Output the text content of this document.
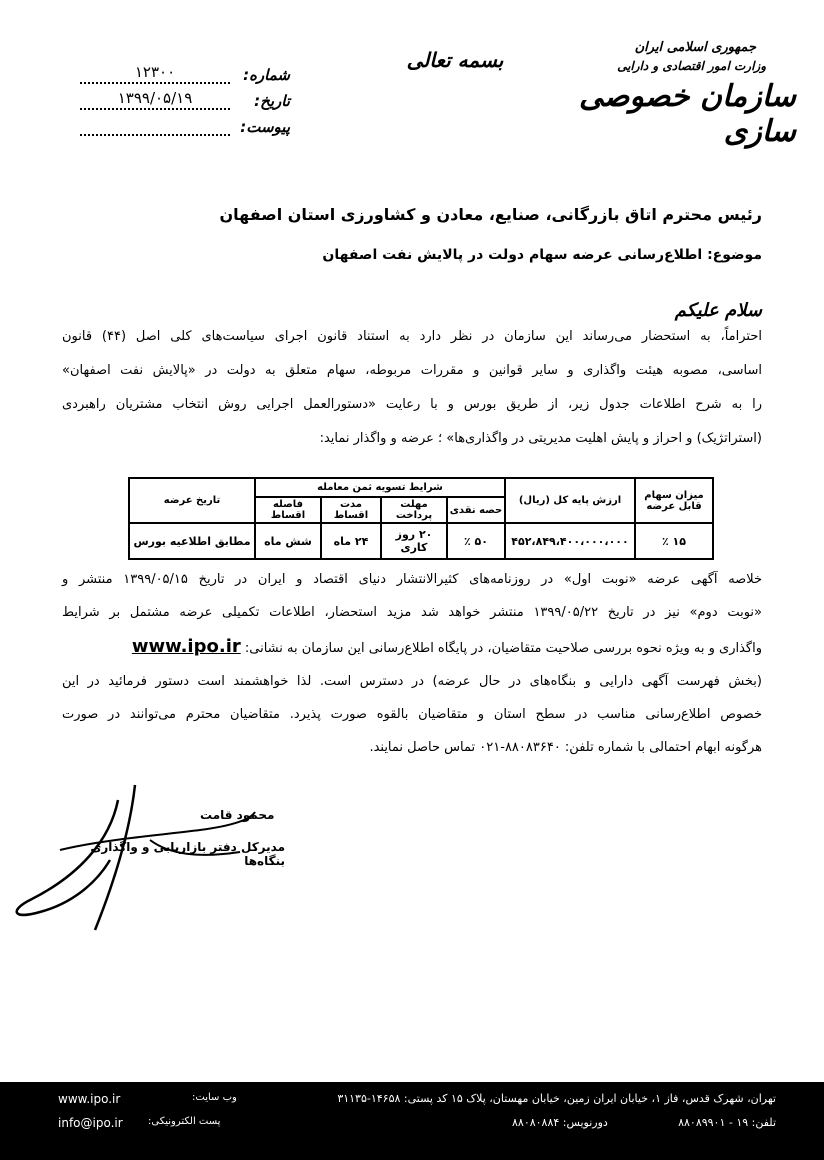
جمهوری اسلامی ایران
وزارت امور اقتصادی و دارایی
سازمان خصوصی سازی
بسمه تعالی
شماره:
۱۲۳۰۰
تاریخ:
۱۳۹۹/۰۵/۱۹
پیوست:
رئیس محترم اتاق بازرگانی، صنایع، معادن و کشاورزی استان اصفهان
موضوع: اطلاع‌رسانی عرضه سهام دولت در پالایش نفت اصفهان
سلام علیکم
احتراماً، به استحضار می‌رساند این سازمان در نظر دارد به استناد قانون اجرای سیاست‌های کلی اصل (۴۴) قانون
اساسی، مصوبه هیئت واگذاری و سایر قوانین و مقررات مربوطه، سهام متعلق به دولت در «پالایش نفت اصفهان»
را به شرح اطلاعات جدول زیر، از طریق بورس و با رعایت «دستورالعمل اجرایی روش انتخاب مشتریان راهبردی
(استراتژیک) و احراز و پایش اهلیت مدیریتی در واگذاری‌ها» ؛ عرضه و واگذار نماید:
میزان سهام قابل عرضه	ارزش پایه کل (ریال)	شرایط تسویه ثمن معامله				تاریخ عرضه
		حصه نقدی	مهلت پرداخت	مدت اقساط	فاصله اقساط	
۱۵ ٪	۴۵۲،۸۴۹،۴۰۰،۰۰۰،۰۰۰	۵۰ ٪	۲۰ روز کاری	۲۴ ماه	شش ماه	مطابق اطلاعیه بورس
خلاصه آگهی عرضه «نوبت اول» در روزنامه‌های کثیرالانتشار دنیای اقتصاد و ایران در تاریخ ۱۳۹۹/۰۵/۱۵ منتشر و
«نوبت دوم» نیز در تاریخ ۱۳۹۹/۰۵/۲۲ منتشر خواهد شد مزید استحضار، اطلاعات تکمیلی عرضه مشتمل بر شرایط
واگذاری و به ویژه نحوه بررسی صلاحیت متقاضیان، در پایگاه اطلاع‌رسانی این سازمان به نشانی: www.ipo.ir
(بخش فهرست آگهی دارایی و بنگاه‌های در حال عرضه) در دسترس است. لذا خواهشمند است دستور فرمائید در این
خصوص اطلاع‌رسانی مناسب در سطح استان و متقاضیان بالقوه صورت پذیرد. متقاضیان محترم می‌توانند در صورت
هرگونه ابهام احتمالی با شماره تلفن: ۸۸۰۸۳۶۴۰-۰۲۱ تماس حاصل نمایند.
محمود قامت
مدیرکل دفتر بازاریابی و واگذاری بنگاه‌ها
www.ipo.ir	وب سایت:
info@ipo.ir	پست الکترونیکی:
تهران، شهرک قدس، فاز ۱، خیابان ایران زمین، خیابان مهستان، پلاک ۱۵ کد پستی: ۱۴۶۵۸-۳۱۱۳۵
تلفن: ۱۹ - ۸۸۰۸۹۹۰۱
دورنویس: ۸۸۰۸۰۸۸۴
